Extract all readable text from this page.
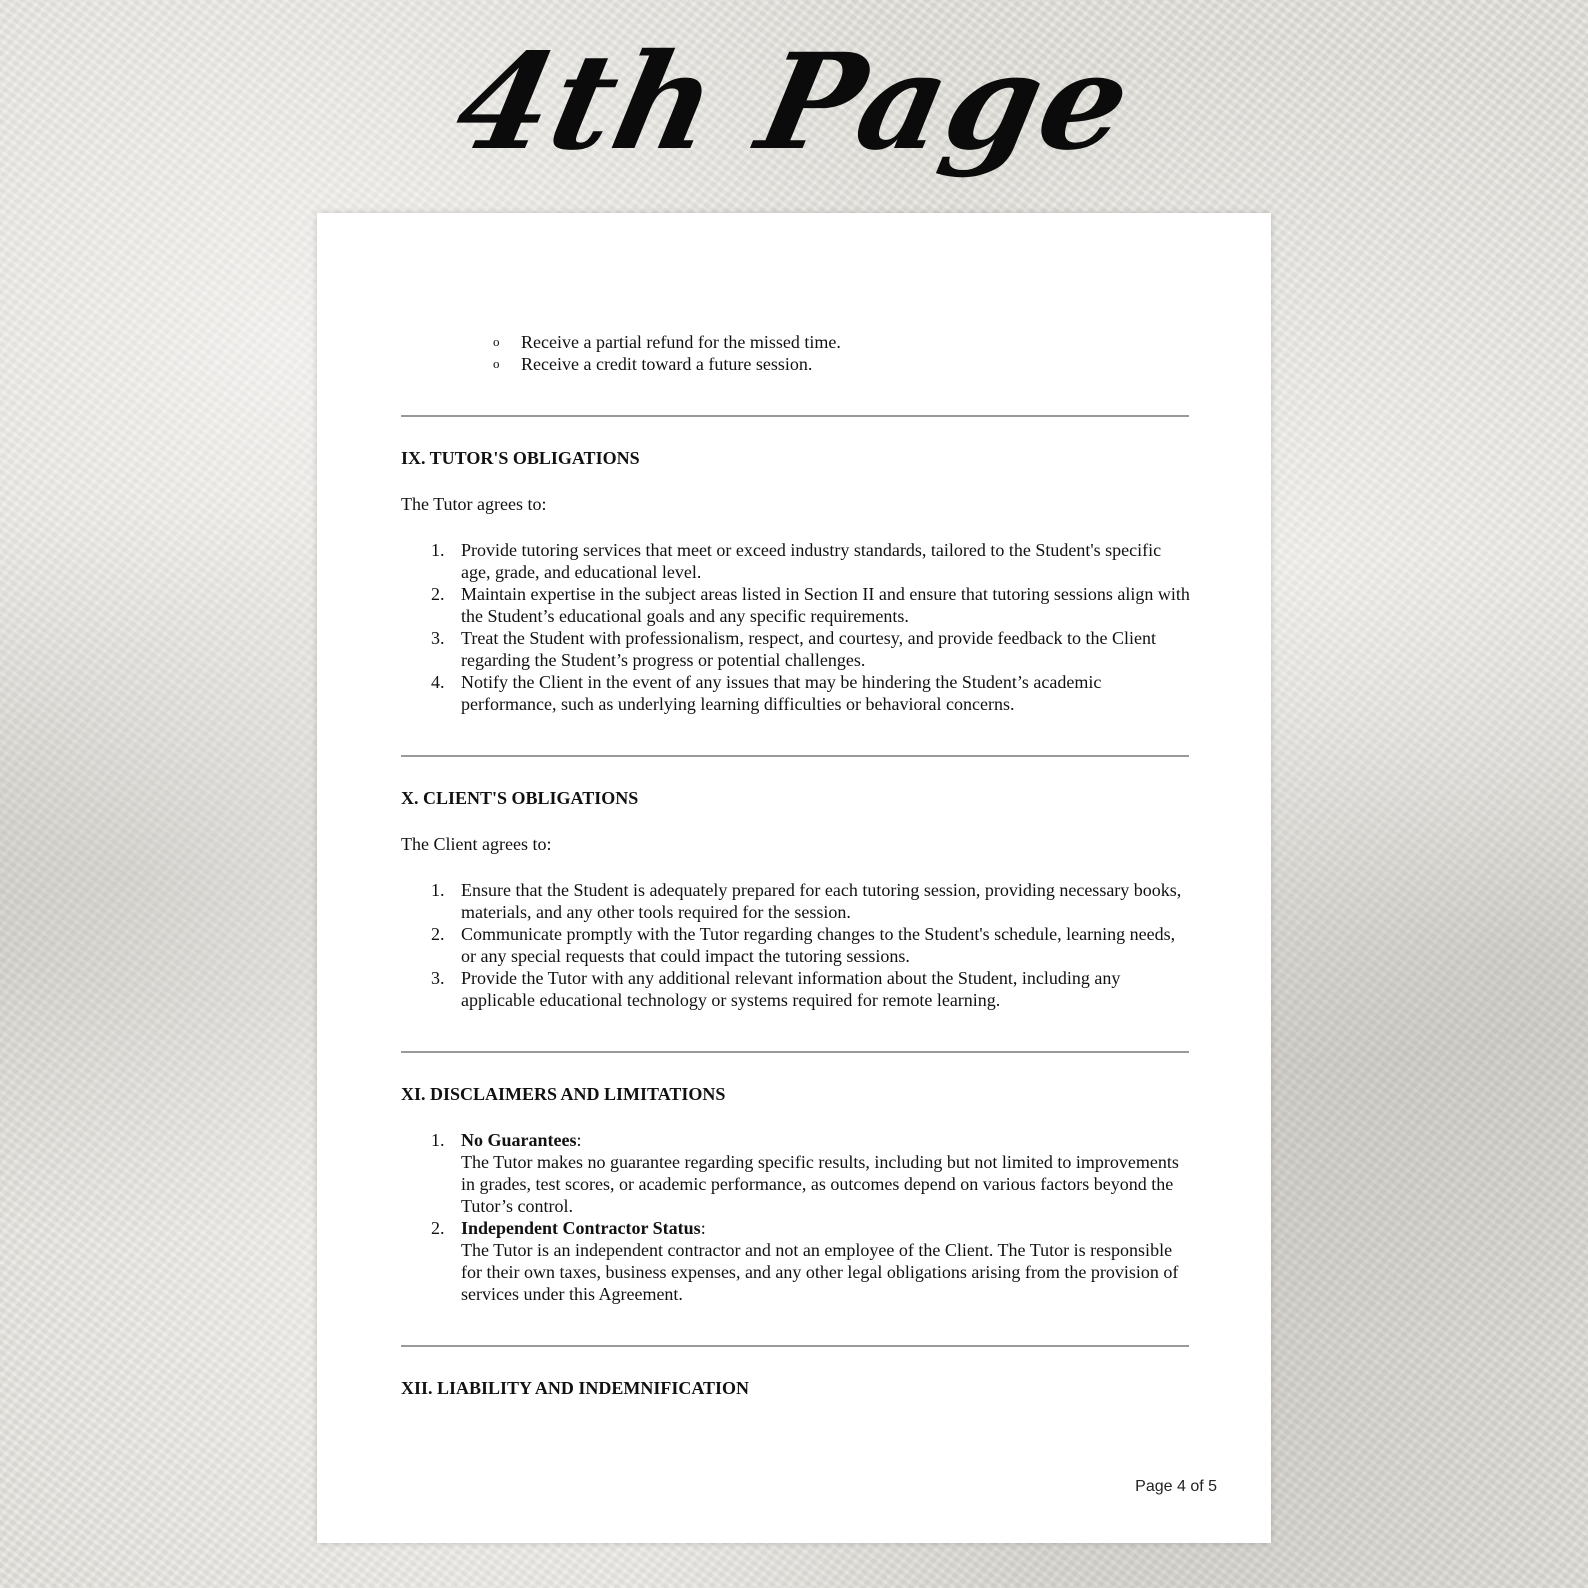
4th Page
o Receive a partial refund for the missed time.
o Receive a credit toward a future session.
IX. TUTOR'S OBLIGATIONS
The Tutor agrees to:
1. Provide tutoring services that meet or exceed industry standards, tailored to the Student's specific age, grade, and educational level.
2. Maintain expertise in the subject areas listed in Section II and ensure that tutoring sessions align with the Student’s educational goals and any specific requirements.
3. Treat the Student with professionalism, respect, and courtesy, and provide feedback to the Client regarding the Student’s progress or potential challenges.
4. Notify the Client in the event of any issues that may be hindering the Student’s academic performance, such as underlying learning difficulties or behavioral concerns.
X. CLIENT'S OBLIGATIONS
The Client agrees to:
1. Ensure that the Student is adequately prepared for each tutoring session, providing necessary books, materials, and any other tools required for the session.
2. Communicate promptly with the Tutor regarding changes to the Student's schedule, learning needs, or any special requests that could impact the tutoring sessions.
3. Provide the Tutor with any additional relevant information about the Student, including any applicable educational technology or systems required for remote learning.
XI. DISCLAIMERS AND LIMITATIONS
1. No Guarantees:
The Tutor makes no guarantee regarding specific results, including but not limited to improvements in grades, test scores, or academic performance, as outcomes depend on various factors beyond the Tutor’s control.
2. Independent Contractor Status:
The Tutor is an independent contractor and not an employee of the Client. The Tutor is responsible for their own taxes, business expenses, and any other legal obligations arising from the provision of services under this Agreement.
XII. LIABILITY AND INDEMNIFICATION
Page 4 of 5
